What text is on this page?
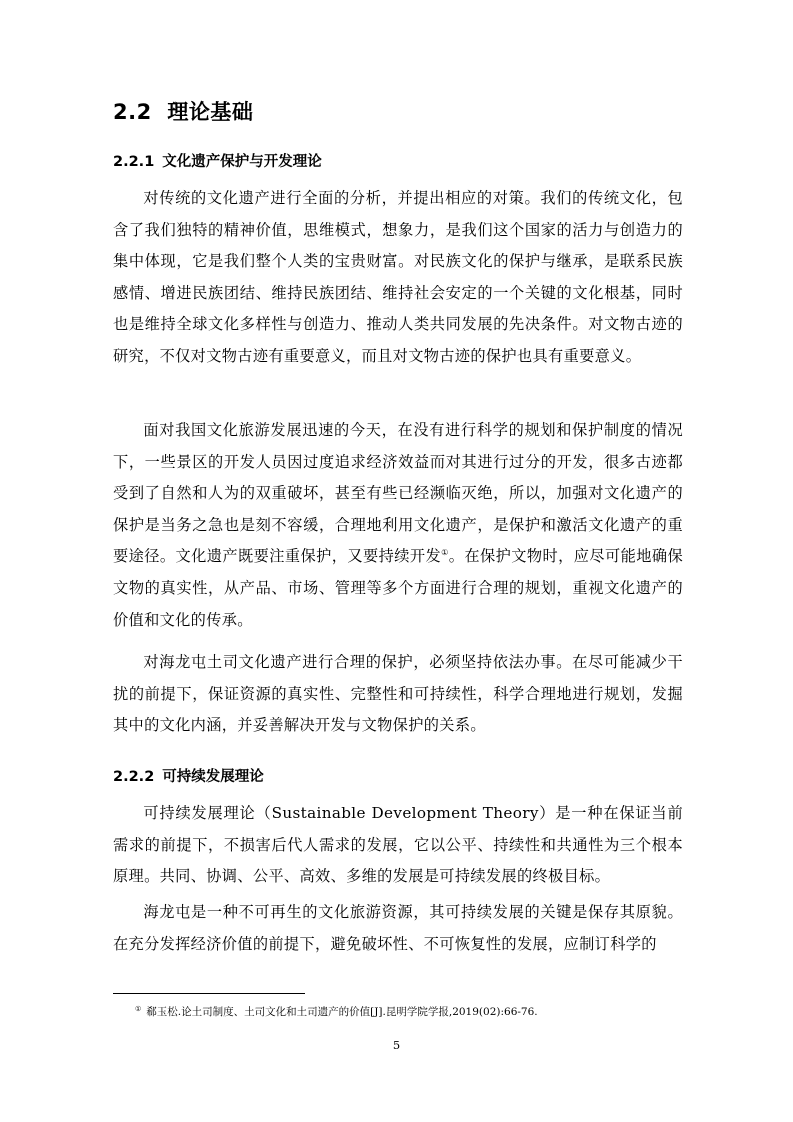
2.2 理论基础
2.2.1 文化遗产保护与开发理论

对传统的文化遗产进行全面的分析，并提出相应的对策。我们的传统文化，包含了我们独特的精神价值，思维模式，想象力，是我们这个国家的活力与创造力的集中体现，它是我们整个人类的宝贵财富。对民族文化的保护与继承，是联系民族感情、增进民族团结、维持民族团结、维持社会安定的一个关键的文化根基，同时也是维持全球文化多样性与创造力、推动人类共同发展的先决条件。对文物古迹的研究，不仅对文物古迹有重要意义，而且对文物古迹的保护也具有重要意义。

面对我国文化旅游发展迅速的今天，在没有进行科学的规划和保护制度的情况下，一些景区的开发人员因过度追求经济效益而对其进行过分的开发，很多古迹都受到了自然和人为的双重破坏，甚至有些已经濒临灭绝，所以，加强对文化遗产的保护是当务之急也是刻不容缓，合理地利用文化遗产，是保护和激活文化遗产的重要途径。文化遗产既要注重保护，又要持续开发①。在保护文物时，应尽可能地确保文物的真实性，从产品、市场、管理等多个方面进行合理的规划，重视文化遗产的价值和文化的传承。

对海龙屯土司文化遗产进行合理的保护，必须坚持依法办事。在尽可能减少干扰的前提下，保证资源的真实性、完整性和可持续性，科学合理地进行规划，发掘其中的文化内涵，并妥善解决开发与文物保护的关系。

2.2.2 可持续发展理论

可持续发展理论（Sustainable Development Theory）是一种在保证当前需求的前提下，不损害后代人需求的发展，它以公平、持续性和共通性为三个根本原理。共同、协调、公平、高效、多维的发展是可持续发展的终极目标。

海龙屯是一种不可再生的文化旅游资源，其可持续发展的关键是保存其原貌。在充分发挥经济价值的前提下，避免破坏性、不可恢复性的发展，应制订科学的

① 郗玉松.论土司制度、土司文化和土司遗产的价值[J].昆明学院学报,2019(02):66-76.
5
